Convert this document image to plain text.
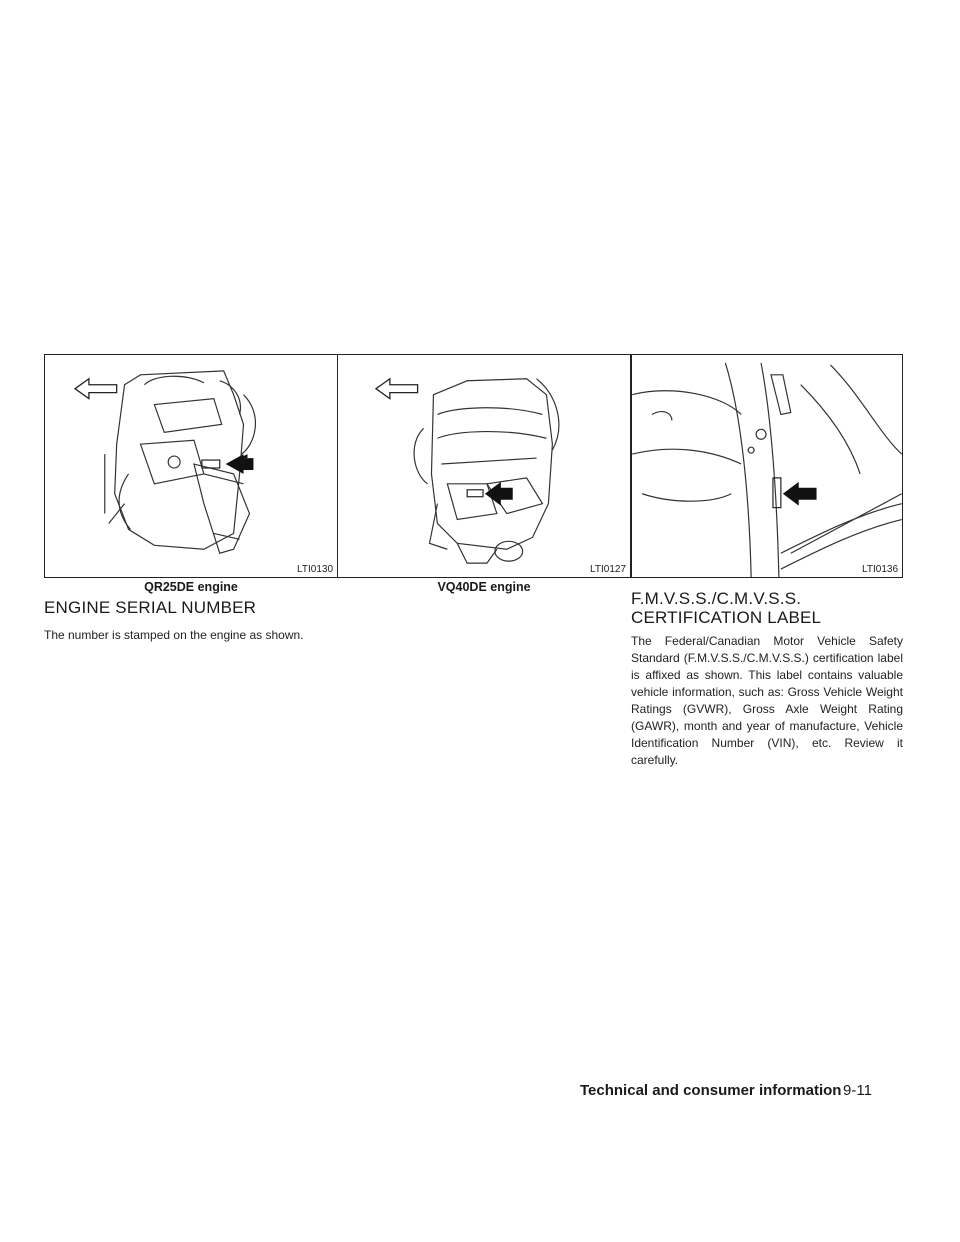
LTI0130
QR25DE engine
LTI0127
VQ40DE engine
LTI0136
ENGINE SERIAL NUMBER

The number is stamped on the engine as shown.

F.M.V.S.S./C.M.V.S.S.
CERTIFICATION LABEL

The Federal/Canadian Motor Vehicle Safety Standard (F.M.V.S.S./C.M.V.S.S.) certification label is affixed as shown. This label contains valuable vehicle information, such as: Gross Vehicle Weight Ratings (GVWR), Gross Axle Weight Rating (GAWR), month and year of manufacture, Vehicle Identification Number (VIN), etc. Review it carefully.

Technical and consumer information 9-11
